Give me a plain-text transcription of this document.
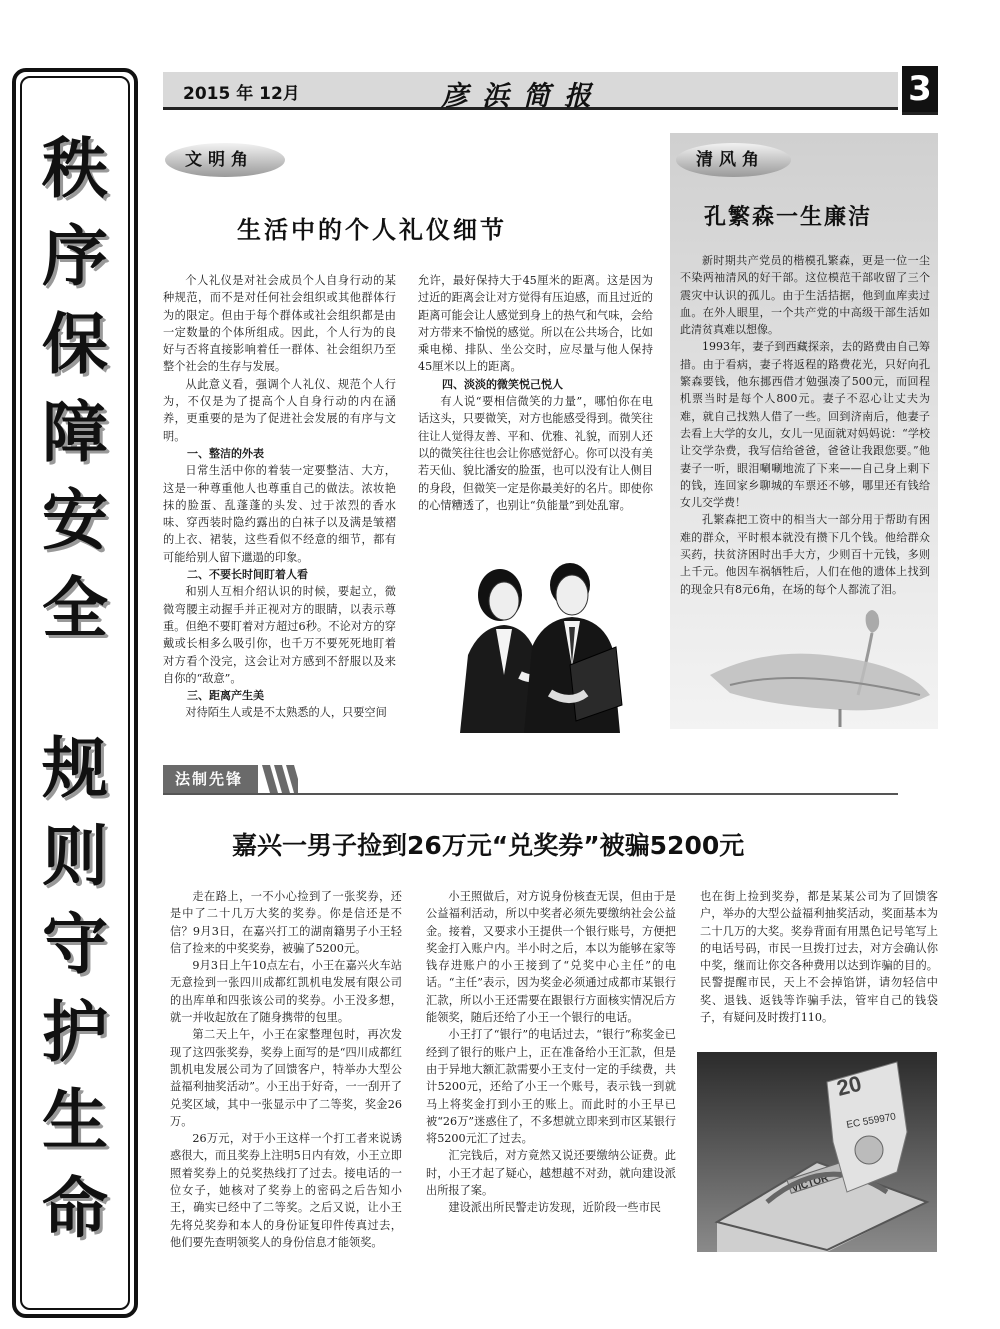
秩
序
保
障
安
全
规
则
守
护
生
命
2015 年 12月	彦浜简报	3
文明角
生活中的个人礼仪细节

个人礼仪是对社会成员个人自身行动的某种规范，而不是对任何社会组织或其他群体行为的限定。但由于每个群体或社会组织都是由一定数量的个体所组成。因此，个人行为的良好与否将直接影响着任一群体、社会组织乃至整个社会的生存与发展。

从此意义看，强调个人礼仪、规范个人行为，不仅是为了提高个人自身行动的内在涵养，更重要的是为了促进社会发展的有序与文明。

一、整洁的外表

日常生活中你的着装一定要整洁、大方，这是一种尊重他人也尊重自己的做法。浓妆艳抹的脸蛋、乱蓬蓬的头发、过于浓烈的香水味、穿西装时隐约露出的白袜子以及满是皱褶的上衣、裙装，这些看似不经意的细节，都有可能给别人留下邋遢的印象。

二、不要长时间盯着人看

和别人互相介绍认识的时候，要起立，微微弯腰主动握手并正视对方的眼睛，以表示尊重。但绝不要盯着对方超过6秒。不论对方的穿戴或长相多么吸引你，也千万不要死死地盯着对方看个没完，这会让对方感到不舒服以及来自你的“敌意”。

三、距离产生美

对待陌生人或是不太熟悉的人，只要空间

允许，最好保持大于45厘米的距离。这是因为过近的距离会让对方觉得有压迫感，而且过近的距离可能会让人感觉到身上的热气和气味，会给对方带来不愉悦的感觉。所以在公共场合，比如乘电梯、排队、坐公交时，应尽量与他人保持45厘米以上的距离。

四、淡淡的微笑悦己悦人

有人说“要相信微笑的力量”，哪怕你在电话这头，只要微笑，对方也能感受得到。微笑往往让人觉得友善、平和、优雅、礼貌，而别人还以的微笑往往也会让你感觉舒心。你可以没有美若天仙、貌比潘安的脸蛋，也可以没有让人侧目的身段，但微笑一定是你最美好的名片。即使你的心情糟透了，也别让“负能量”到处乱窜。

清风角
孔繁森一生廉洁

新时期共产党员的楷模孔繁森，更是一位一尘不染两袖清风的好干部。这位模范干部收留了三个震灾中认识的孤儿。由于生活拮据，他到血库卖过血。在外人眼里，一个共产党的中高级干部生活如此清贫真难以想像。

1993年，妻子到西藏探亲，去的路费由自己筹措。由于看病，妻子将返程的路费花光，只好向孔繁森要钱，他东挪西借才勉强凑了500元，而回程机票当时是每个人800元。妻子不忍心让丈夫为难，就自己找熟人借了一些。回到济南后，他妻子去看上大学的女儿，女儿一见面就对妈妈说：“学校让交学杂费，我写信给爸爸，爸爸让我跟您要。”他妻子一听，眼泪唰唰地流了下来——自己身上剩下的钱，连回家乡聊城的车票还不够，哪里还有钱给女儿交学费！

孔繁森把工资中的相当大一部分用于帮助有困难的群众，平时根本就没有攒下几个钱。他给群众买药，扶贫济困时出手大方，少则百十元钱，多则上千元。他因车祸牺牲后，人们在他的遗体上找到的现金只有8元6角，在场的每个人都流了泪。

法制先锋
嘉兴一男子捡到26万元“兑奖券”被骗5200元

走在路上，一不小心捡到了一张奖券，还是中了二十几万大奖的奖券。你是信还是不信？9月3日，在嘉兴打工的湖南籍男子小王轻信了捡来的中奖奖券，被骗了5200元。

9月3日上午10点左右，小王在嘉兴火车站无意捡到一张四川成都红凯机电发展有限公司的出库单和四张该公司的奖券。小王没多想，就一并收起放在了随身携带的包里。

第二天上午，小王在家整理包时，再次发现了这四张奖券，奖券上面写的是“四川成都红凯机电发展公司为了回馈客户，特举办大型公益福利抽奖活动”。小王出于好奇，一一刮开了兑奖区域，其中一张显示中了二等奖，奖金26万。

26万元，对于小王这样一个打工者来说诱惑很大，而且奖券上注明5日内有效，小王立即照着奖券上的兑奖热线打了过去。接电话的一位女子，她核对了奖券上的密码之后告知小王，确实已经中了二等奖。之后又说，让小王先将兑奖券和本人的身份证复印件传真过去，他们要先查明领奖人的身份信息才能领奖。

小王照做后，对方说身份核查无误，但由于是公益福利活动，所以中奖者必须先要缴纳社会公益金。接着，又要求小王提供一个银行账号，方便把奖金打入账户内。半小时之后，本以为能够在家等钱存进账户的小王接到了“兑奖中心主任”的电话。“主任”表示，因为奖金必须通过成都市某银行汇款，所以小王还需要在跟银行方面核实情况后方能领奖，随后还给了小王一个银行的电话。

小王打了“银行”的电话过去，“银行”称奖金已经到了银行的账户上，正在准备给小王汇款，但是由于异地大额汇款需要小王支付一定的手续费，共计5200元，还给了小王一个账号，表示钱一到就马上将奖金打到小王的账上。而此时的小王早已被“26万”迷惑住了，不多想就立即来到市区某银行将5200元汇了过去。

汇完钱后，对方竟然又说还要缴纳公证费。此时，小王才起了疑心，越想越不对劲，就向建设派出所报了案。

建设派出所民警走访发现，近阶段一些市民

也在街上捡到奖券，都是某某公司为了回馈客户，举办的大型公益福利抽奖活动，奖面基本为二十几万的大奖。奖券背面有用黑色记号笔写上的电话号码，市民一旦拨打过去，对方会确认你中奖，继而让你交各种费用以达到诈骗的目的。民警提醒市民，天上不会掉馅饼，请勿轻信中奖、退钱、返钱等诈骗手法，管牢自己的钱袋子，有疑问及时拨打110。

VICTOR
20
EC 559970
